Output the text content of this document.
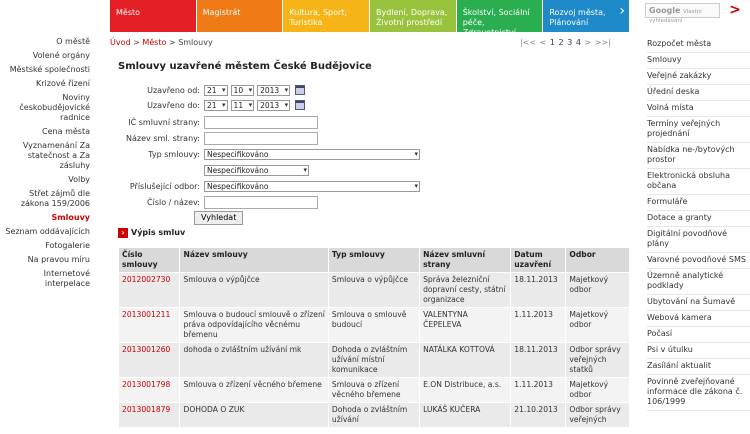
Město	Magistrát	Kultura, Sport, Turistika
Bydlení, Doprava, Životní prostředí
Školství, Sociální péče, Zdravotnictví
Rozvoj města, Plánování
›	Google Vlastní vyhledávání
>
O městě
Volené orgány
Městské společnosti
Krizové řízení
Noviny českobudějovické radnice
Cena města
Vyznamenání Za statečnost a Za zásluhy
Volby
Střet zájmů dle zákona 159/2006
Smlouvy
Seznam oddávajících
Fotogalerie
Na pravou míru
Internetové interpelace
Úvod > Město > Smlouvy	|<< < 1 2 3 4 > >>|
Smlouvy uzavřené městem České Budějovice
Uzavřeno od: 21 ▾	10 ▾	2013 ▾
Uzavřeno do: 21 ▾	11 ▾	2013 ▾
IČ smluvní strany:
Název sml. strany:
Typ smlouvy: Nespecifikováno ▾
Nespecifikováno ▾
Příslušející odbor: Nespecifikováno ▾
Číslo / název:
Vyhledat
› Výpis smluv
Číslo smlouvy	Název smlouvy	Typ smlouvy	Název smluvní strany	Datum uzavření	Odbor
2012002730	Smlouva o výpůjčce	Smlouva o výpůjčce	Správa železniční dopravní cesty, státní organizace	18.11.2013	Majetkový odbor
2013001211	Smlouva o budoucí smlouvě o zřízení práva odpovídajícího věcnému břemenu	Smlouva o smlouvě budoucí	VALENTYNA ČEPELEVA	1.11.2013	Majetkový odbor
2013001260	dohoda o zvláštním užívání mk	Dohoda o zvláštním užívání místní komunikace	NATÁLKA KOTTOVÁ	18.11.2013	Odbor správy veřejných statků
2013001798	Smlouva o zřízení věcného břemene	Smlouva o zřízení věcného břemene	E.ON Distribuce, a.s.	1.11.2013	Majetkový odbor
2013001879	DOHODA O ZUK	Dohoda o zvláštním užívání	LUKÁŠ KUČERA	21.10.2013	Odbor správy veřejných
Rozpočet města
Smlouvy
Veřejné zakázky
Úřední deska
Volná místa
Termíny veřejných projednání
Nabídka ne-/bytových prostor
Elektronická obsluha občana
Formuláře
Dotace a granty
Digitální povodňové plány
Varovné povodňové SMS
Územně analytické podklady
Ubytování na Šumavě
Webová kamera
Počasí
Psi v útulku
Zasílání aktualit
Povinně zveřejňované informace dle zákona č. 106/1999
